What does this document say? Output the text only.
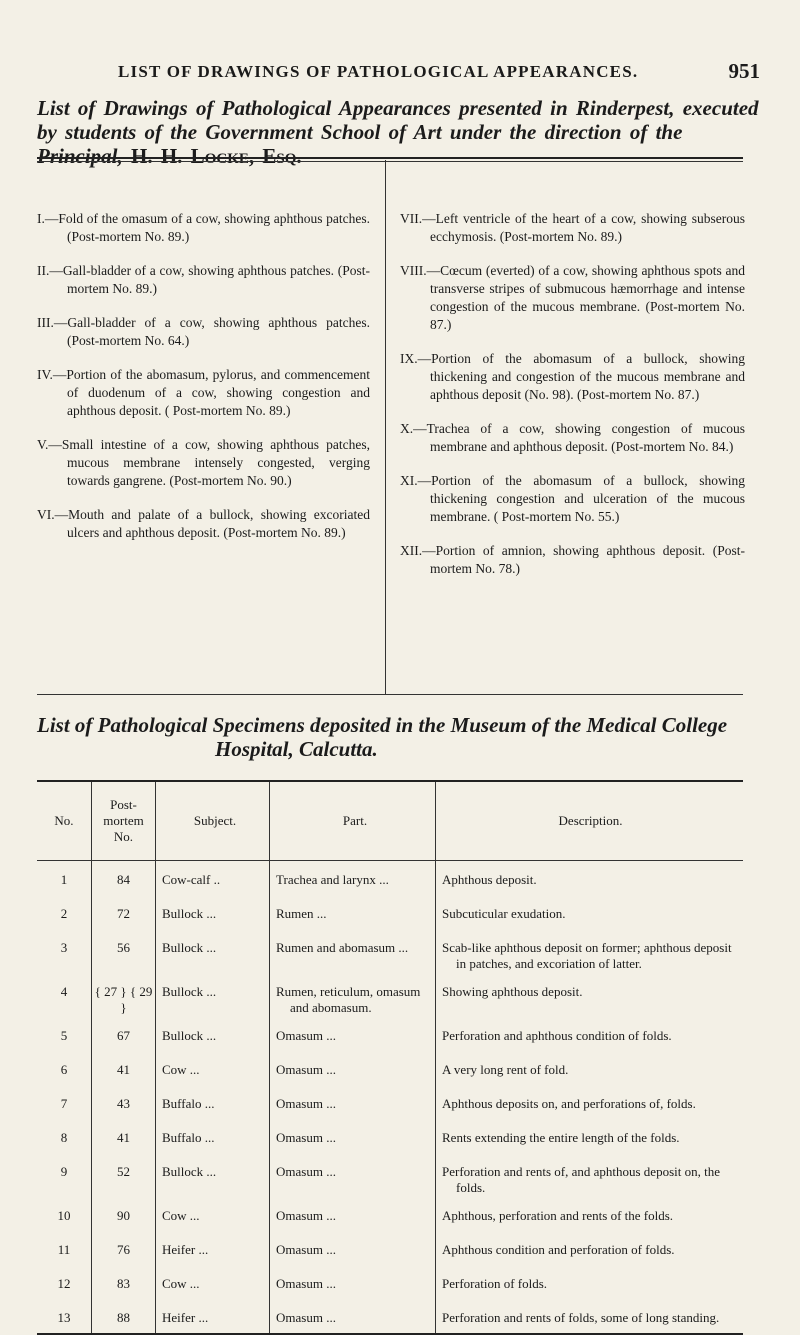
LIST OF DRAWINGS OF PATHOLOGICAL APPEARANCES.	951
List of Drawings of Pathological Appearances presented in Rinderpest, executed by students of the Government School of Art under the direction of the Principal, H. H. Locke, Esq.

I.—Fold of the omasum of a cow, showing aphthous patches. (Post-mortem No. 89.)

II.—Gall-bladder of a cow, showing aphthous patches. (Post-mortem No. 89.)

III.—Gall-bladder of a cow, showing aphthous patches. (Post-mortem No. 64.)

IV.—Portion of the abomasum, pylorus, and commencement of duodenum of a cow, showing congestion and aphthous deposit. ( Post-mortem No. 89.)

V.—Small intestine of a cow, showing aphthous patches, mucous membrane intensely congested, verging towards gangrene. (Post-mortem No. 90.)

VI.—Mouth and palate of a bullock, showing excoriated ulcers and aphthous deposit. (Post-mortem No. 89.)

VII.—Left ventricle of the heart of a cow, showing subserous ecchymosis. (Post-mortem No. 89.)

VIII.—Cœcum (everted) of a cow, showing aphthous spots and transverse stripes of submucous hæmorrhage and intense congestion of the mucous membrane. (Post-mortem No. 87.)

IX.—Portion of the abomasum of a bullock, showing thickening and congestion of the mucous membrane and aphthous deposit (No. 98). (Post-mortem No. 87.)

X.—Trachea of a cow, showing congestion of mucous membrane and aphthous deposit. (Post-mortem No. 84.)

XI.—Portion of the abomasum of a bullock, showing thickening congestion and ulceration of the mucous membrane. ( Post-mortem No. 55.)

XII.—Portion of amnion, showing aphthous deposit. (Post-mortem No. 78.)

List of Pathological Specimens deposited in the Museum of the Medical College
Hospital, Calcutta.
No.	Post-mortem No.	Subject.	Part.	Description.

1	84	Cow-calf ..	Trachea and larynx ...	Aphthous deposit.

2	72	Bullock ...	Rumen ...	Subcuticular exudation.

3	56	Bullock ...	Rumen and abomasum ...	Scab-like aphthous deposit on former; aphthous deposit in patches, and excoriation of latter.

4	{ 27 } { 29 }	Bullock ...	Rumen, reticulum, omasum and abomasum.	Showing aphthous deposit.

5	67	Bullock ...	Omasum ...	Perforation and aphthous condition of folds.

6	41	Cow ...	Omasum ...	A very long rent of fold.

7	43	Buffalo ...	Omasum ...	Aphthous deposits on, and perforations of, folds.

8	41	Buffalo ...	Omasum ...	Rents extending the entire length of the folds.

9	52	Bullock ...	Omasum ...	Perforation and rents of, and aphthous deposit on, the folds.

10	90	Cow ...	Omasum ...	Aphthous, perforation and rents of the folds.

11	76	Heifer ...	Omasum ...	Aphthous condition and perforation of folds.

12	83	Cow ...	Omasum ...	Perforation of folds.

13	88	Heifer ...	Omasum ...	Perforation and rents of folds, some of long standing.
